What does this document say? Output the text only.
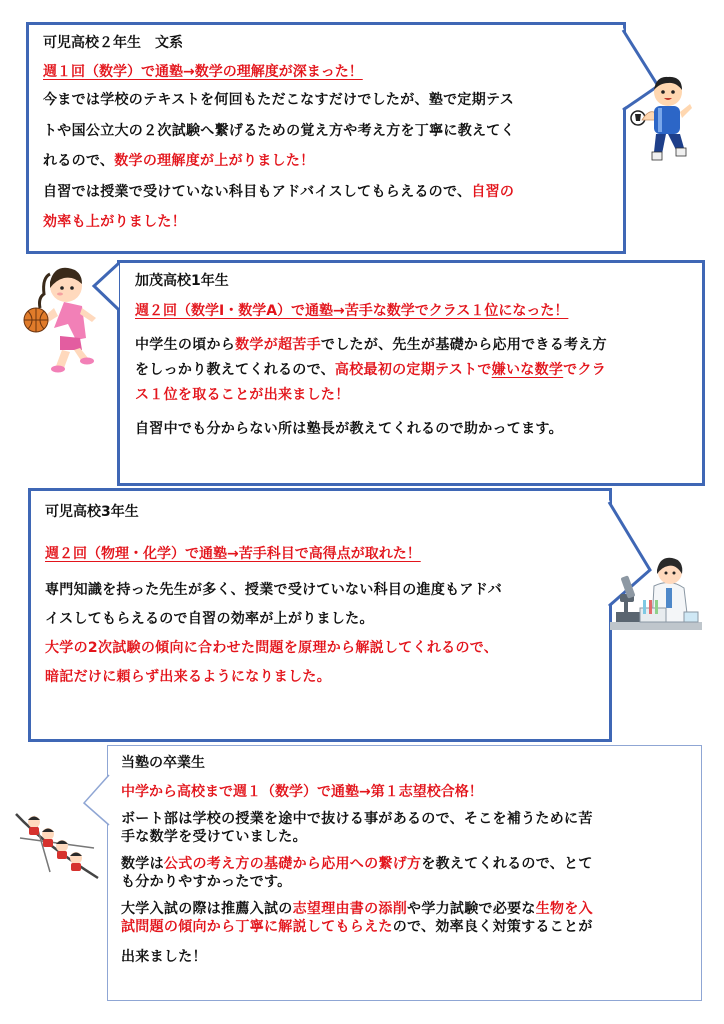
可児高校２年生　文系
週１回（数学）で通塾→数学の理解度が深まった！
今までは学校のテキストを何回もただこなすだけでしたが、塾で定期テス
トや国公立大の２次試験へ繋げるための覚え方や考え方を丁寧に教えてく
れるので、数学の理解度が上がりました！
自習では授業で受けていない科目もアドバイスしてもらえるので、自習の
効率も上がりました！
加茂高校1年生
週２回（数学Ⅰ・数学A）で通塾→苦手な数学でクラス１位になった！
中学生の頃から数学が超苦手でしたが、先生が基礎から応用できる考え方
をしっかり教えてくれるので、高校最初の定期テストで嫌いな数学でクラ
ス１位を取ることが出来ました！
自習中でも分からない所は塾長が教えてくれるので助かってます。
可児高校3年生
週２回（物理・化学）で通塾→苦手科目で高得点が取れた！
専門知識を持った先生が多く、授業で受けていない科目の進度もアドバ
イスしてもらえるので自習の効率が上がりました。
大学の2次試験の傾向に合わせた問題を原理から解説してくれるので、
暗記だけに頼らず出来るようになりました。
当塾の卒業生
中学から高校まで週１（数学）で通塾→第１志望校合格！
ボート部は学校の授業を途中で抜ける事があるので、そこを補うために苦
手な数学を受けていました。
数学は公式の考え方の基礎から応用への繋げ方を教えてくれるので、とて
も分かりやすかったです。
大学入試の際は推薦入試の志望理由書の添削や学力試験で必要な生物を入
試問題の傾向から丁寧に解説してもらえたので、効率良く対策することが
出来ました！
